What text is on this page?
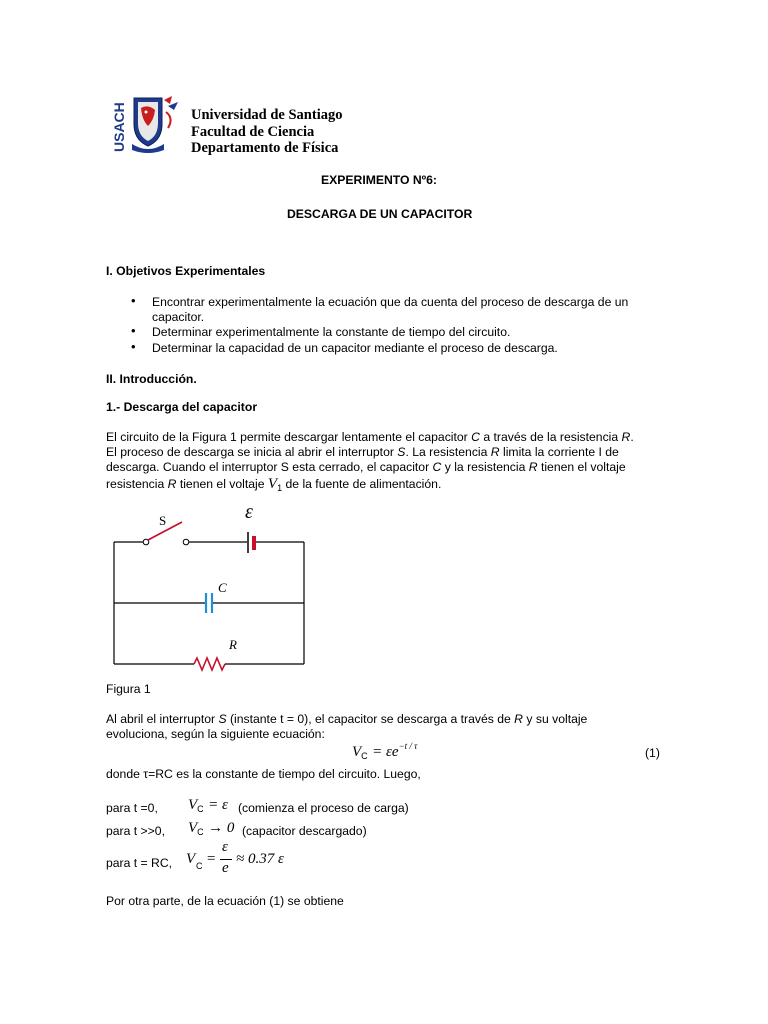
USACH	Universidad de Santiago
Facultad de Ciencia
Departamento de Física
EXPERIMENTO Nº6:
DESCARGA DE UN CAPACITOR
I. Objetivos Experimentales
• Encontrar experimentalmente la ecuación que da cuenta del proceso de descarga de un
capacitor.
• Determinar experimentalmente la constante de tiempo del circuito.
• Determinar la capacidad de un capacitor mediante el proceso de descarga.
II. Introducción.
1.- Descarga del capacitor
El circuito de la Figura 1 permite descargar lentamente el capacitor C a través de la resistencia R.
El proceso de descarga se inicia al abrir el interruptor S. La resistencia R limita la corriente I de
descarga. Cuando el interruptor S esta cerrado, el capacitor C y la resistencia R tienen el voltaje
resistencia R tienen el voltaje $V_1$ de la fuente de alimentación.
S	ε
C
R
Figura 1
Al abril el interruptor S (instante t = 0), el capacitor se descarga a través de R y su voltaje
evoluciona, según la siguiente ecuación:
$V_C = \varepsilon e^{-t / \tau}$	(1)
donde τ=RC es la constante de tiempo del circuito. Luego,
para t =0, $V_C = \varepsilon$ (comienza el proceso de carga)
para t >>0, $V_C \to 0$ (capacitor descargado)
para t = RC, V C =
ε
e
≈ 0.37 ε
Por otra parte, de la ecuación (1) se obtiene
